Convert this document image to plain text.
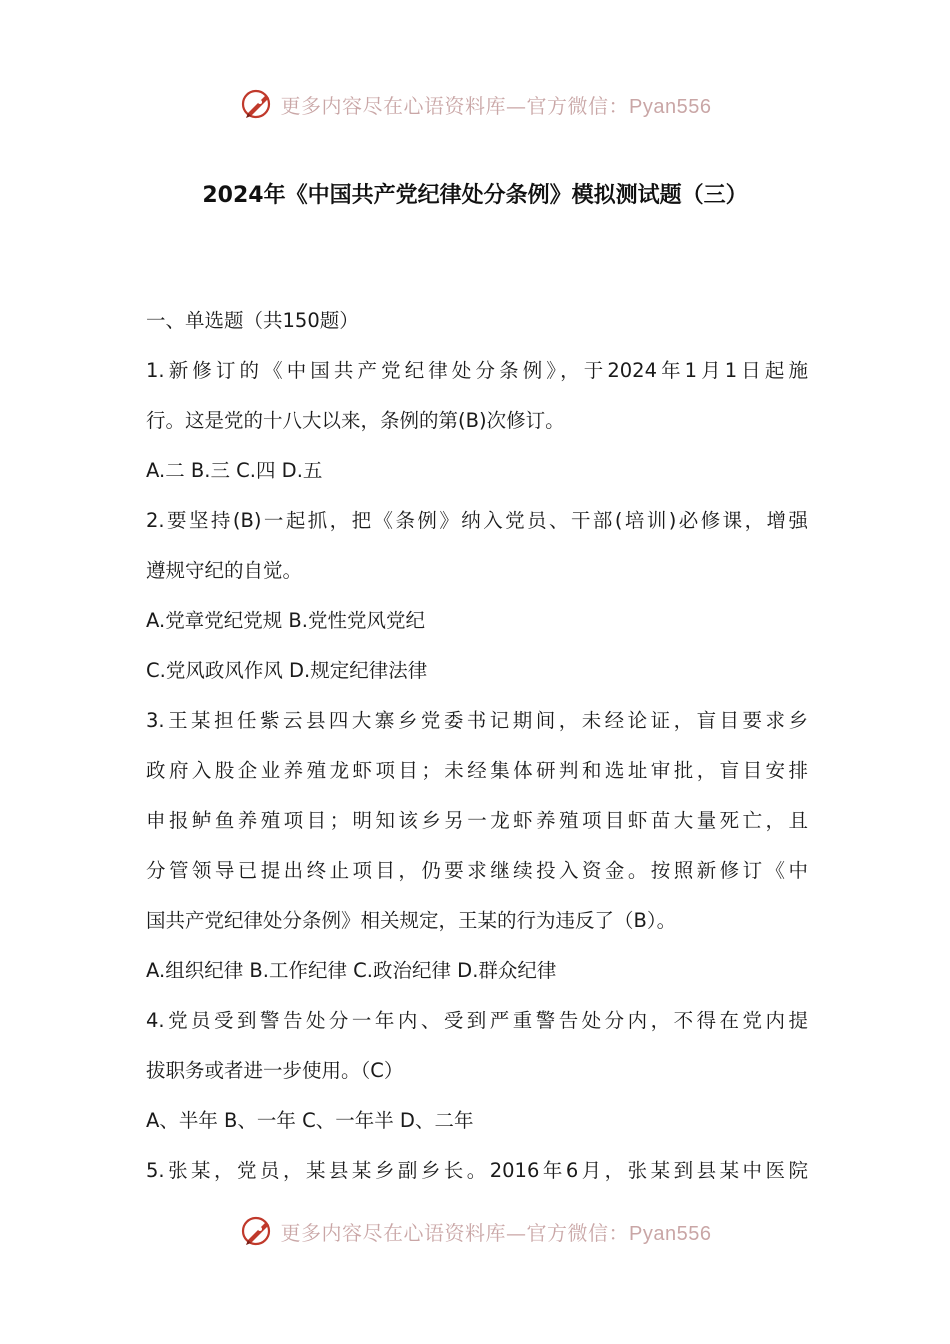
更多内容尽在心语资料库—官方微信：Pyan556
2024年《中国共产党纪律处分条例》模拟测试题（三）
一、单选题（共150题）
1.新修订的《中国共产党纪律处分条例》，于2024年1月1日起施
行。这是党的十八大以来，条例的第(B)次修订。
A.二 B.三 C.四 D.五
2.要坚持(B)一起抓，把《条例》纳入党员、干部(培训)必修课，增强
遵规守纪的自觉。
A.党章党纪党规 B.党性党风党纪
C.党风政风作风 D.规定纪律法律
3.王某担任紫云县四大寨乡党委书记期间，未经论证，盲目要求乡
政府入股企业养殖龙虾项目；未经集体研判和选址审批，盲目安排
申报鲈鱼养殖项目；明知该乡另一龙虾养殖项目虾苗大量死亡，且
分管领导已提出终止项目，仍要求继续投入资金。按照新修订《中
国共产党纪律处分条例》相关规定，王某的行为违反了（B）。
A.组织纪律 B.工作纪律 C.政治纪律 D.群众纪律
4.党员受到警告处分一年内、受到严重警告处分内，不得在党内提
拔职务或者进一步使用。（C）
A、半年 B、一年 C、一年半 D、二年
5.张某，党员，某县某乡副乡长。2016年6月，张某到县某中医院
更多内容尽在心语资料库—官方微信：Pyan556
